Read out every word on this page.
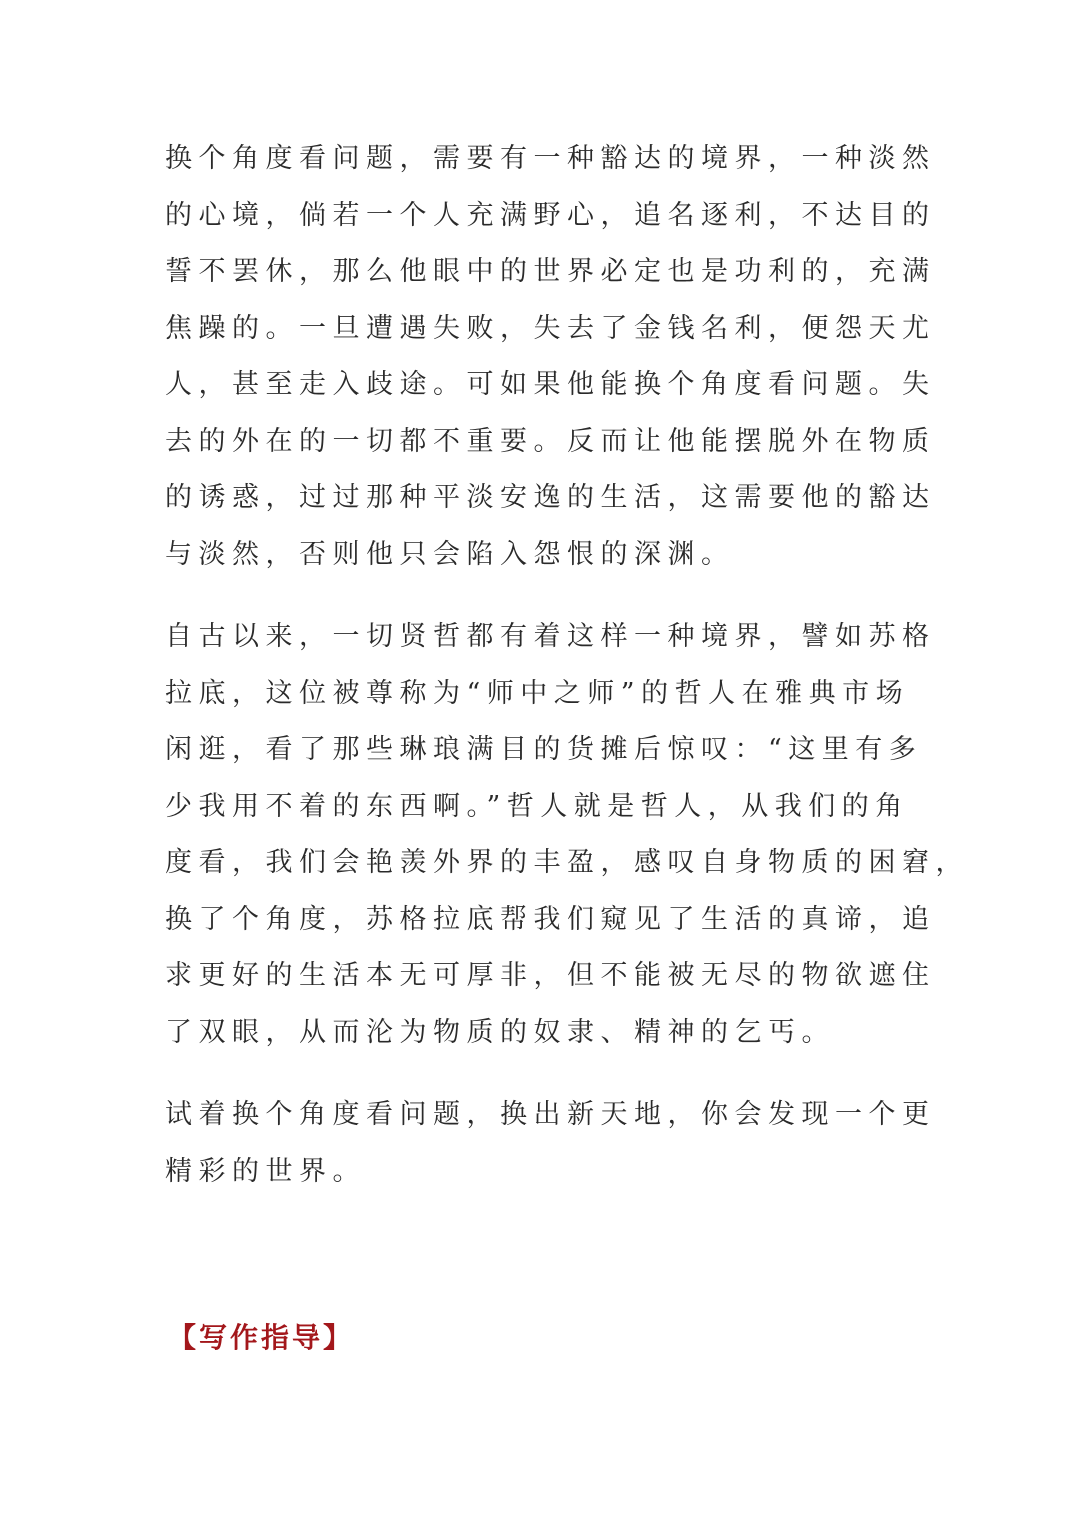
换个角度看问题，需要有一种豁达的境界，一种淡然
的心境，倘若一个人充满野心，追名逐利，不达目的
誓不罢休，那么他眼中的世界必定也是功利的，充满
焦躁的。一旦遭遇失败，失去了金钱名利，便怨天尤
人，甚至走入歧途。可如果他能换个角度看问题。失
去的外在的一切都不重要。反而让他能摆脱外在物质
的诱惑，过过那种平淡安逸的生活，这需要他的豁达
与淡然，否则他只会陷入怨恨的深渊。
自古以来，一切贤哲都有着这样一种境界，譬如苏格
拉底，这位被尊称为“师中之师”的哲人在雅典市场
闲逛，看了那些琳琅满目的货摊后惊叹：“这里有多
少我用不着的东西啊。”哲人就是哲人，从我们的角
度看，我们会艳羡外界的丰盈，感叹自身物质的困窘，
换了个角度，苏格拉底帮我们窥见了生活的真谛，追
求更好的生活本无可厚非，但不能被无尽的物欲遮住
了双眼，从而沦为物质的奴隶、精神的乞丐。
试着换个角度看问题，换出新天地，你会发现一个更
精彩的世界。
【写作指导】
